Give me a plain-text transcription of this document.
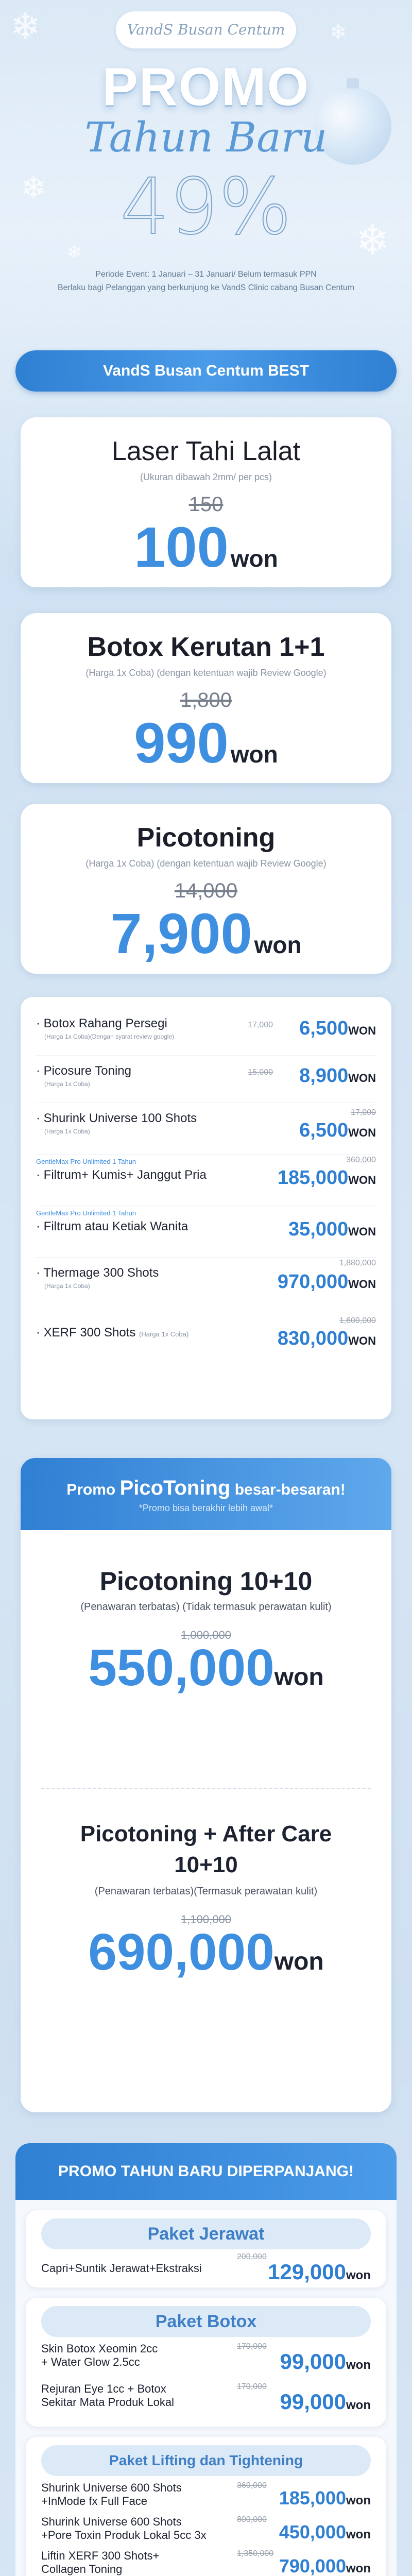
❄	❄
❄
❄
❄
VandS Busan Centum
PROMO
Tahun Baru
49%
Periode Event: 1 Januari – 31 Januari/ Belum termasuk PPN
Berlaku bagi Pelanggan yang berkunjung ke VandS Clinic cabang Busan Centum
VandS Busan Centum BEST
Laser Tahi Lalat
(Ukuran dibawah 2mm/ per pcs)
150
100won
Botox Kerutan 1+1
(Harga 1x Coba) (dengan ketentuan wajib Review Google)
1,800
990won
Picotoning
(Harga 1x Coba) (dengan ketentuan wajib Review Google)
14,000
7,900won
· Botox Rahang Persegi
(Harga 1x Coba)(Dengan syarat review google)
17,000 6,500WON
· Picosure Toning
(Harga 1x Coba)
15,000 8,900WON
· Shurink Universe 100 Shots
(Harga 1x Coba)
17,000
6,500WON
GentleMax Pro Unlimited 1 Tahun
· Filtrum+ Kumis+ Janggut Pria
360,000
185,000WON
GentleMax Pro Unlimited 1 Tahun
· Filtrum atau Ketiak Wanita	35,000WON
· Thermage 300 Shots
(Harga 1x Coba)
1,880,000
970,000WON
· XERF 300 Shots (Harga 1x Coba)
1,600,000
830,000WON
Promo PicoToning besar-besaran!
*Promo bisa berakhir lebih awal*
Picotoning 10+10
(Penawaran terbatas) (Tidak termasuk perawatan kulit)
1,000,000
550,000won
Picotoning + After Care
10+10
(Penawaran terbatas)(Termasuk perawatan kulit)
1,100,000
690,000won
PROMO TAHUN BARU DIPERPANJANG!
Paket Jerawat
Capri+Suntik Jerawat+Ekstraksi
200,000
129,000won
Paket Botox
Skin Botox Xeomin 2cc
+ Water Glow 2.5cc
170,000
99,000won
Rejuran Eye 1cc + Botox
Sekitar Mata Produk Lokal
170,000
99,000won
Paket Lifting dan Tightening
Shurink Universe 600 Shots
+InMode fx Full Face
360,000
185,000won
Shurink Universe 600 Shots
+Pore Toxin Produk Lokal 5cc 3x
800,000
450,000won
Liftin XERF 300 Shots+
Collagen Toning
1,350,000
790,000won
